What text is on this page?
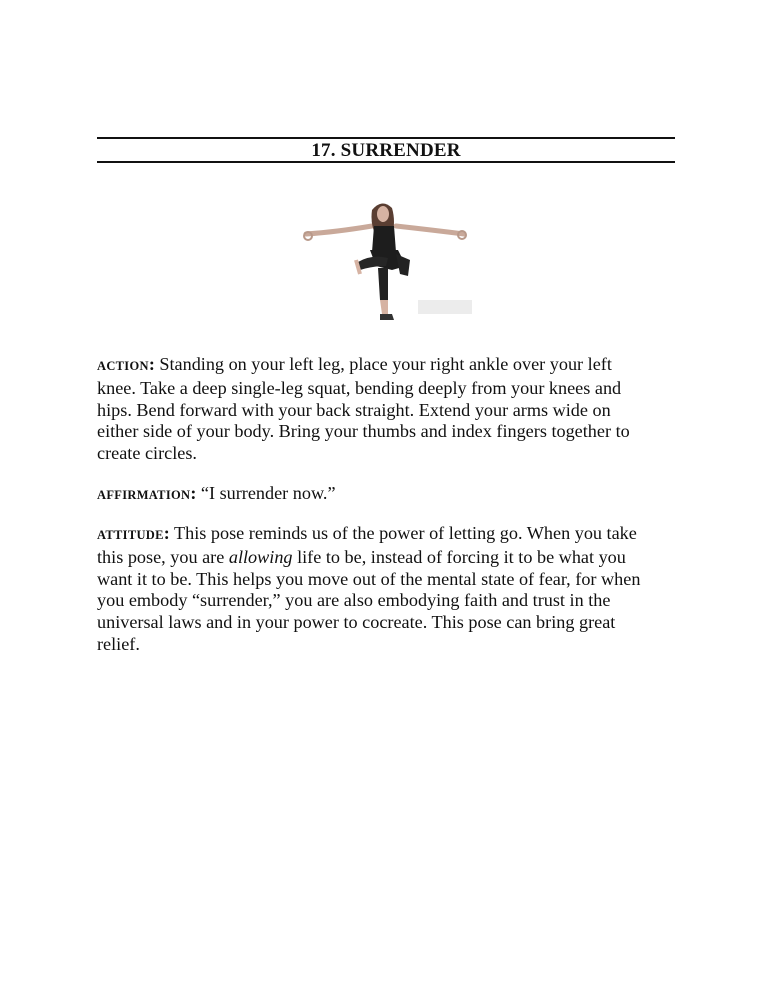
17. SURRENDER
ACTION: Standing on your left leg, place your right ankle over your left
knee. Take a deep single-leg squat, bending deeply from your knees and
hips. Bend forward with your back straight. Extend your arms wide on
either side of your body. Bring your thumbs and index fingers together to
create circles.
AFFIRMATION: “I surrender now.”
ATTITUDE: This pose reminds us of the power of letting go. When you take
this pose, you are allowing life to be, instead of forcing it to be what you
want it to be. This helps you move out of the mental state of fear, for when
you embody “surrender,” you are also embodying faith and trust in the
universal laws and in your power to cocreate. This pose can bring great
relief.
